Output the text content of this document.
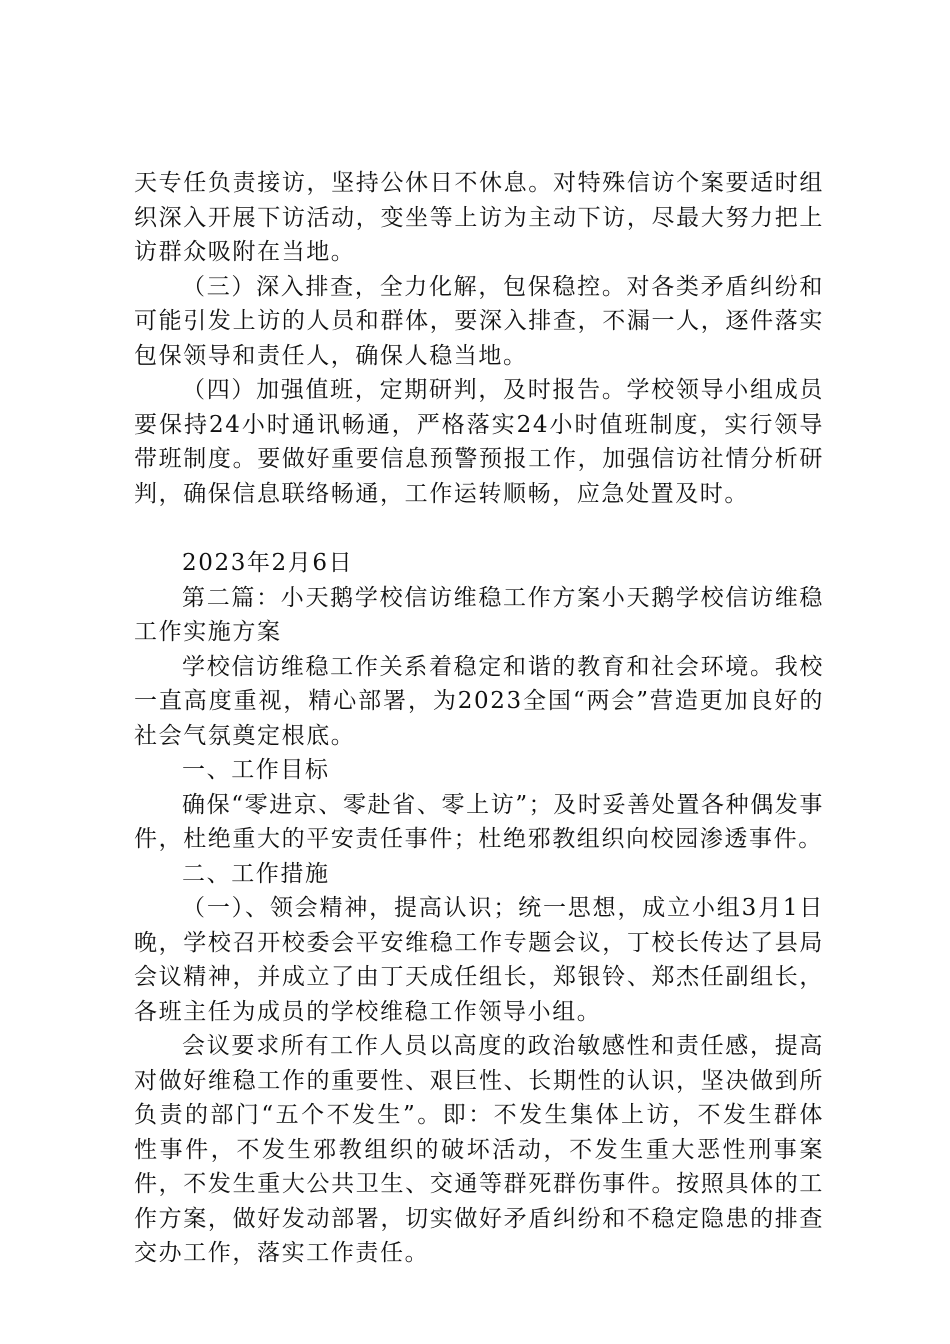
天专任负责接访，坚持公休日不休息。对特殊信访个案要适时组织深入开展下访活动，变坐等上访为主动下访，尽最大努力把上访群众吸附在当地。

（三）深入排查，全力化解，包保稳控。对各类矛盾纠纷和可能引发上访的人员和群体，要深入排查，不漏一人，逐件落实包保领导和责任人，确保人稳当地。

（四）加强值班，定期研判，及时报告。学校领导小组成员要保持24小时通讯畅通，严格落实24小时值班制度，实行领导带班制度。要做好重要信息预警预报工作，加强信访社情分析研判，确保信息联络畅通，工作运转顺畅，应急处置及时。

2023年2月6日

第二篇：小天鹅学校信访维稳工作方案小天鹅学校信访维稳工作实施方案

学校信访维稳工作关系着稳定和谐的教育和社会环境。我校一直高度重视，精心部署，为2023全国“两会”营造更加良好的社会气氛奠定根底。

一、工作目标

确保“零进京、零赴省、零上访”；及时妥善处置各种偶发事件，杜绝重大的平安责任事件；杜绝邪教组织向校园渗透事件。

二、工作措施

（一）、领会精神，提高认识；统一思想，成立小组3月1日晚，学校召开校委会平安维稳工作专题会议，丁校长传达了县局会议精神，并成立了由丁天成任组长，郑银铃、郑杰任副组长，各班主任为成员的学校维稳工作领导小组。

会议要求所有工作人员以高度的政治敏感性和责任感，提高对做好维稳工作的重要性、艰巨性、长期性的认识，坚决做到所负责的部门“五个不发生”。即：不发生集体上访，不发生群体性事件，不发生邪教组织的破坏活动，不发生重大恶性刑事案件，不发生重大公共卫生、交通等群死群伤事件。按照具体的工作方案，做好发动部署，切实做好矛盾纠纷和不稳定隐患的排查交办工作，落实工作责任。
